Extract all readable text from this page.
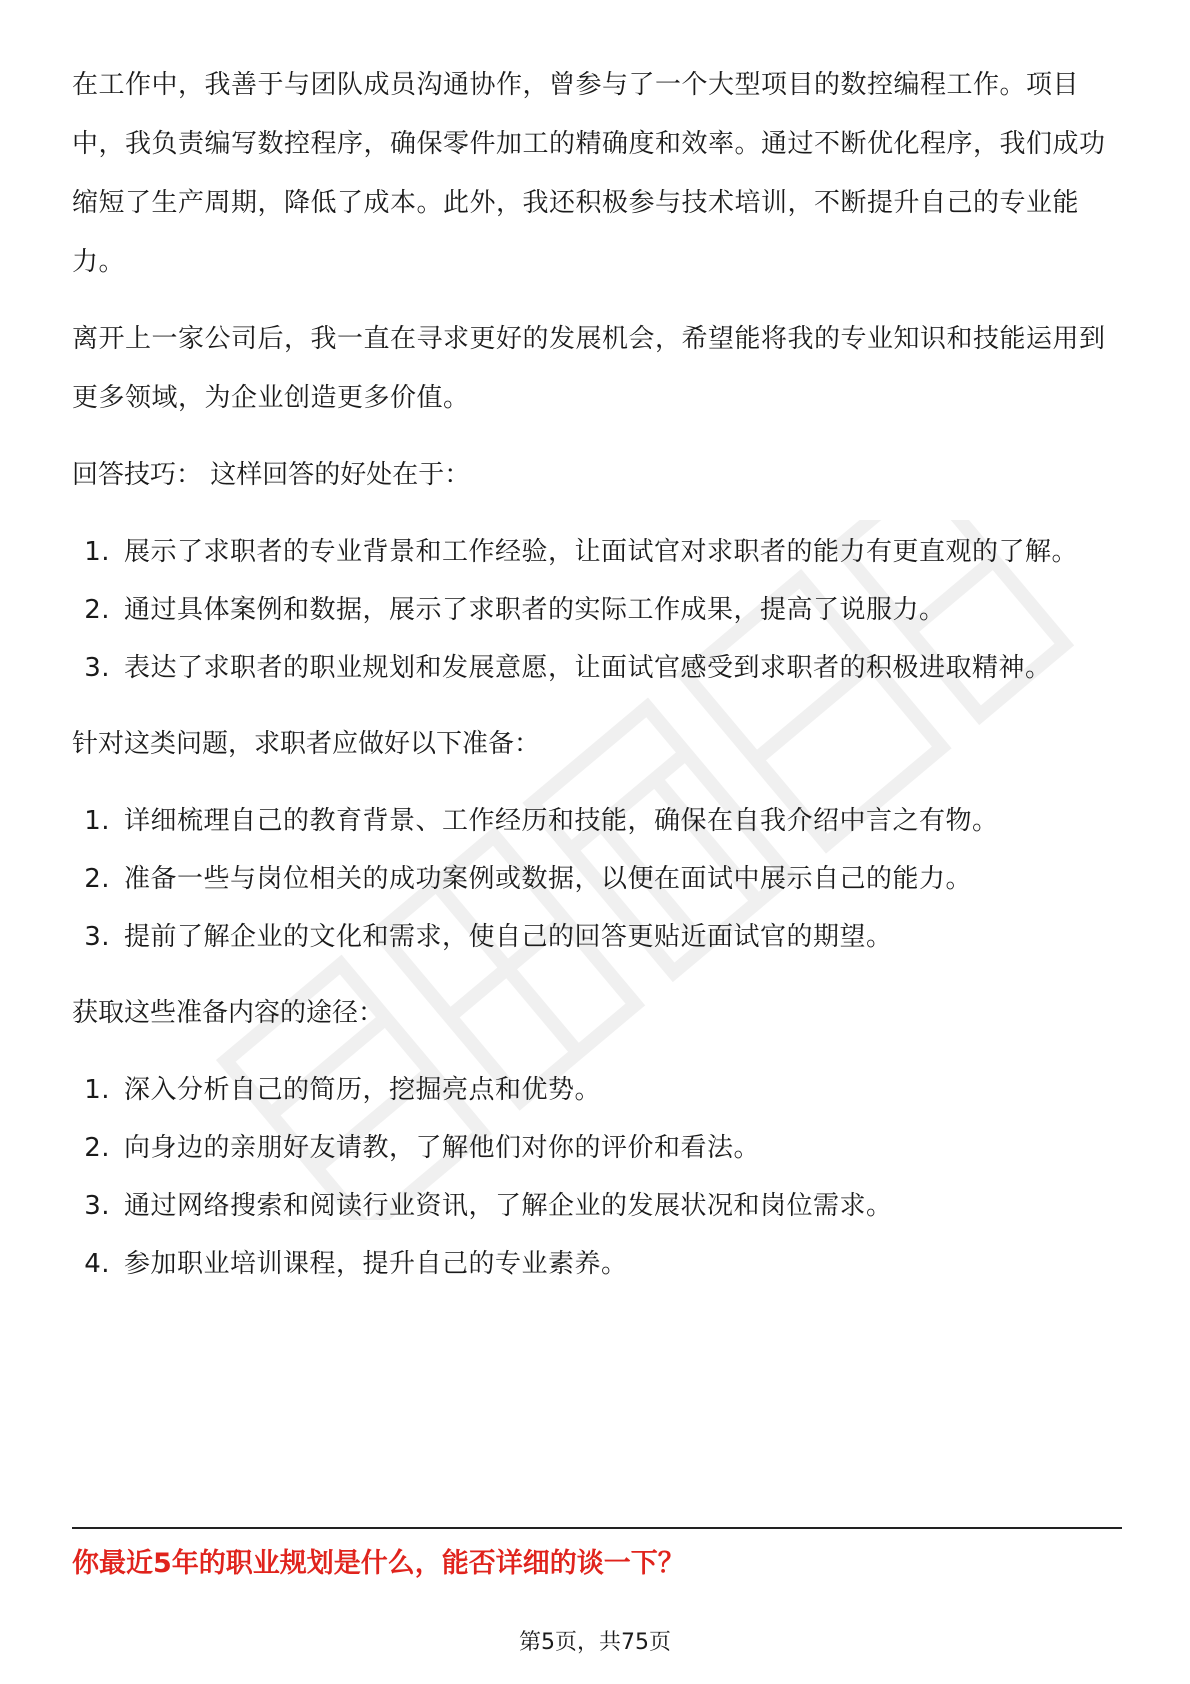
在工作中，我善于与团队成员沟通协作，曾参与了一个大型项目的数控编程工作。项目中，我负责编写数控程序，确保零件加工的精确度和效率。通过不断优化程序，我们成功缩短了生产周期，降低了成本。此外，我还积极参与技术培训，不断提升自己的专业能力。

离开上一家公司后，我一直在寻求更好的发展机会，希望能将我的专业知识和技能运用到更多领域，为企业创造更多价值。

回答技巧： 这样回答的好处在于：

1. 展示了求职者的专业背景和工作经验，让面试官对求职者的能力有更直观的了解。
2. 通过具体案例和数据，展示了求职者的实际工作成果，提高了说服力。
3. 表达了求职者的职业规划和发展意愿，让面试官感受到求职者的积极进取精神。

针对这类问题，求职者应做好以下准备：

1. 详细梳理自己的教育背景、工作经历和技能，确保在自我介绍中言之有物。
2. 准备一些与岗位相关的成功案例或数据，以便在面试中展示自己的能力。
3. 提前了解企业的文化和需求，使自己的回答更贴近面试官的期望。

获取这些准备内容的途径：

1. 深入分析自己的简历，挖掘亮点和优势。
2. 向身边的亲朋好友请教，了解他们对你的评价和看法。
3. 通过网络搜索和阅读行业资讯，了解企业的发展状况和岗位需求。
4. 参加职业培训课程，提升自己的专业素养。
你最近5年的职业规划是什么，能否详细的谈一下？
第5页，共75页
